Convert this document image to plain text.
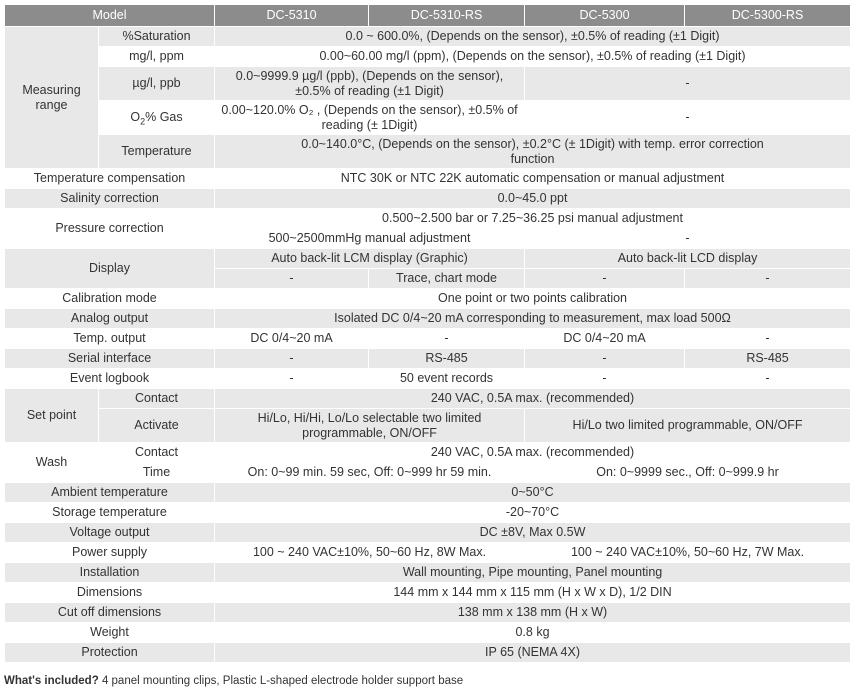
Model		DC-5310	DC-5310-RS	DC-5300	DC-5300-RS
Measuring range	%Saturation	0.0 ~ 600.0%, (Depends on the sensor), ±0.5% of reading (±1 Digit)			
	mg/l, ppm	0.00~60.00 mg/l (ppm), (Depends on the sensor), ±0.5% of reading (±1 Digit)			
	µg/l, ppb	0.0~9999.9 µg/l (ppb), (Depends on the sensor), ±0.5% of reading (±1 Digit)		-	
	$O_2\%$ Gas	0.00~120.0% O₂ , (Depends on the sensor), ±0.5% of reading (± 1Digit)		-	
	Temperature	0.0~140.0°C, (Depends on the sensor), ±0.2°C (± 1Digit) with temp. error correction function			
Temperature compensation		NTC 30K or NTC 22K automatic compensation or manual adjustment			
Salinity correction		0.0~45.0 ppt			
Pressure correction		0.500~2.500 bar or 7.25~36.25 psi manual adjustment			
		500~2500mmHg manual adjustment		-	
Display		Auto back-lit LCM display (Graphic)		Auto back-lit LCD display	
		-	Trace, chart mode	-	-
Calibration mode		One point or two points calibration			
Analog output		Isolated DC 0/4~20 mA corresponding to measurement, max load 500Ω			
Temp. output		DC 0/4~20 mA	-	DC 0/4~20 mA	-
Serial interface		-	RS-485	-	RS-485
Event logbook		-	50 event records	-	-
Set point	Contact	240 VAC, 0.5A max. (recommended)			
	Activate	Hi/Lo, Hi/Hi, Lo/Lo selectable two limited programmable, ON/OFF		Hi/Lo two limited programmable, ON/OFF	
Wash	Contact	240 VAC, 0.5A max. (recommended)			
	Time	On: 0~99 min. 59 sec, Off: 0~999 hr 59 min.		On: 0~9999 sec., Off: 0~999.9 hr	
Ambient temperature		0~50°C			
Storage temperature		-20~70°C			
Voltage output		DC ±8V, Max 0.5W			
Power supply		100 ~ 240 VAC±10%, 50~60 Hz, 8W Max.		100 ~ 240 VAC±10%, 50~60 Hz, 7W Max.	
Installation		Wall mounting, Pipe mounting, Panel mounting			
Dimensions		144 mm x 144 mm x 115 mm (H x W x D), 1/2 DIN			
Cut off dimensions		138 mm x 138 mm (H x W)			
Weight		0.8 kg			
Protection		IP 65 (NEMA 4X)			
What's included? 4 panel mounting clips, Plastic L-shaped electrode holder support base
